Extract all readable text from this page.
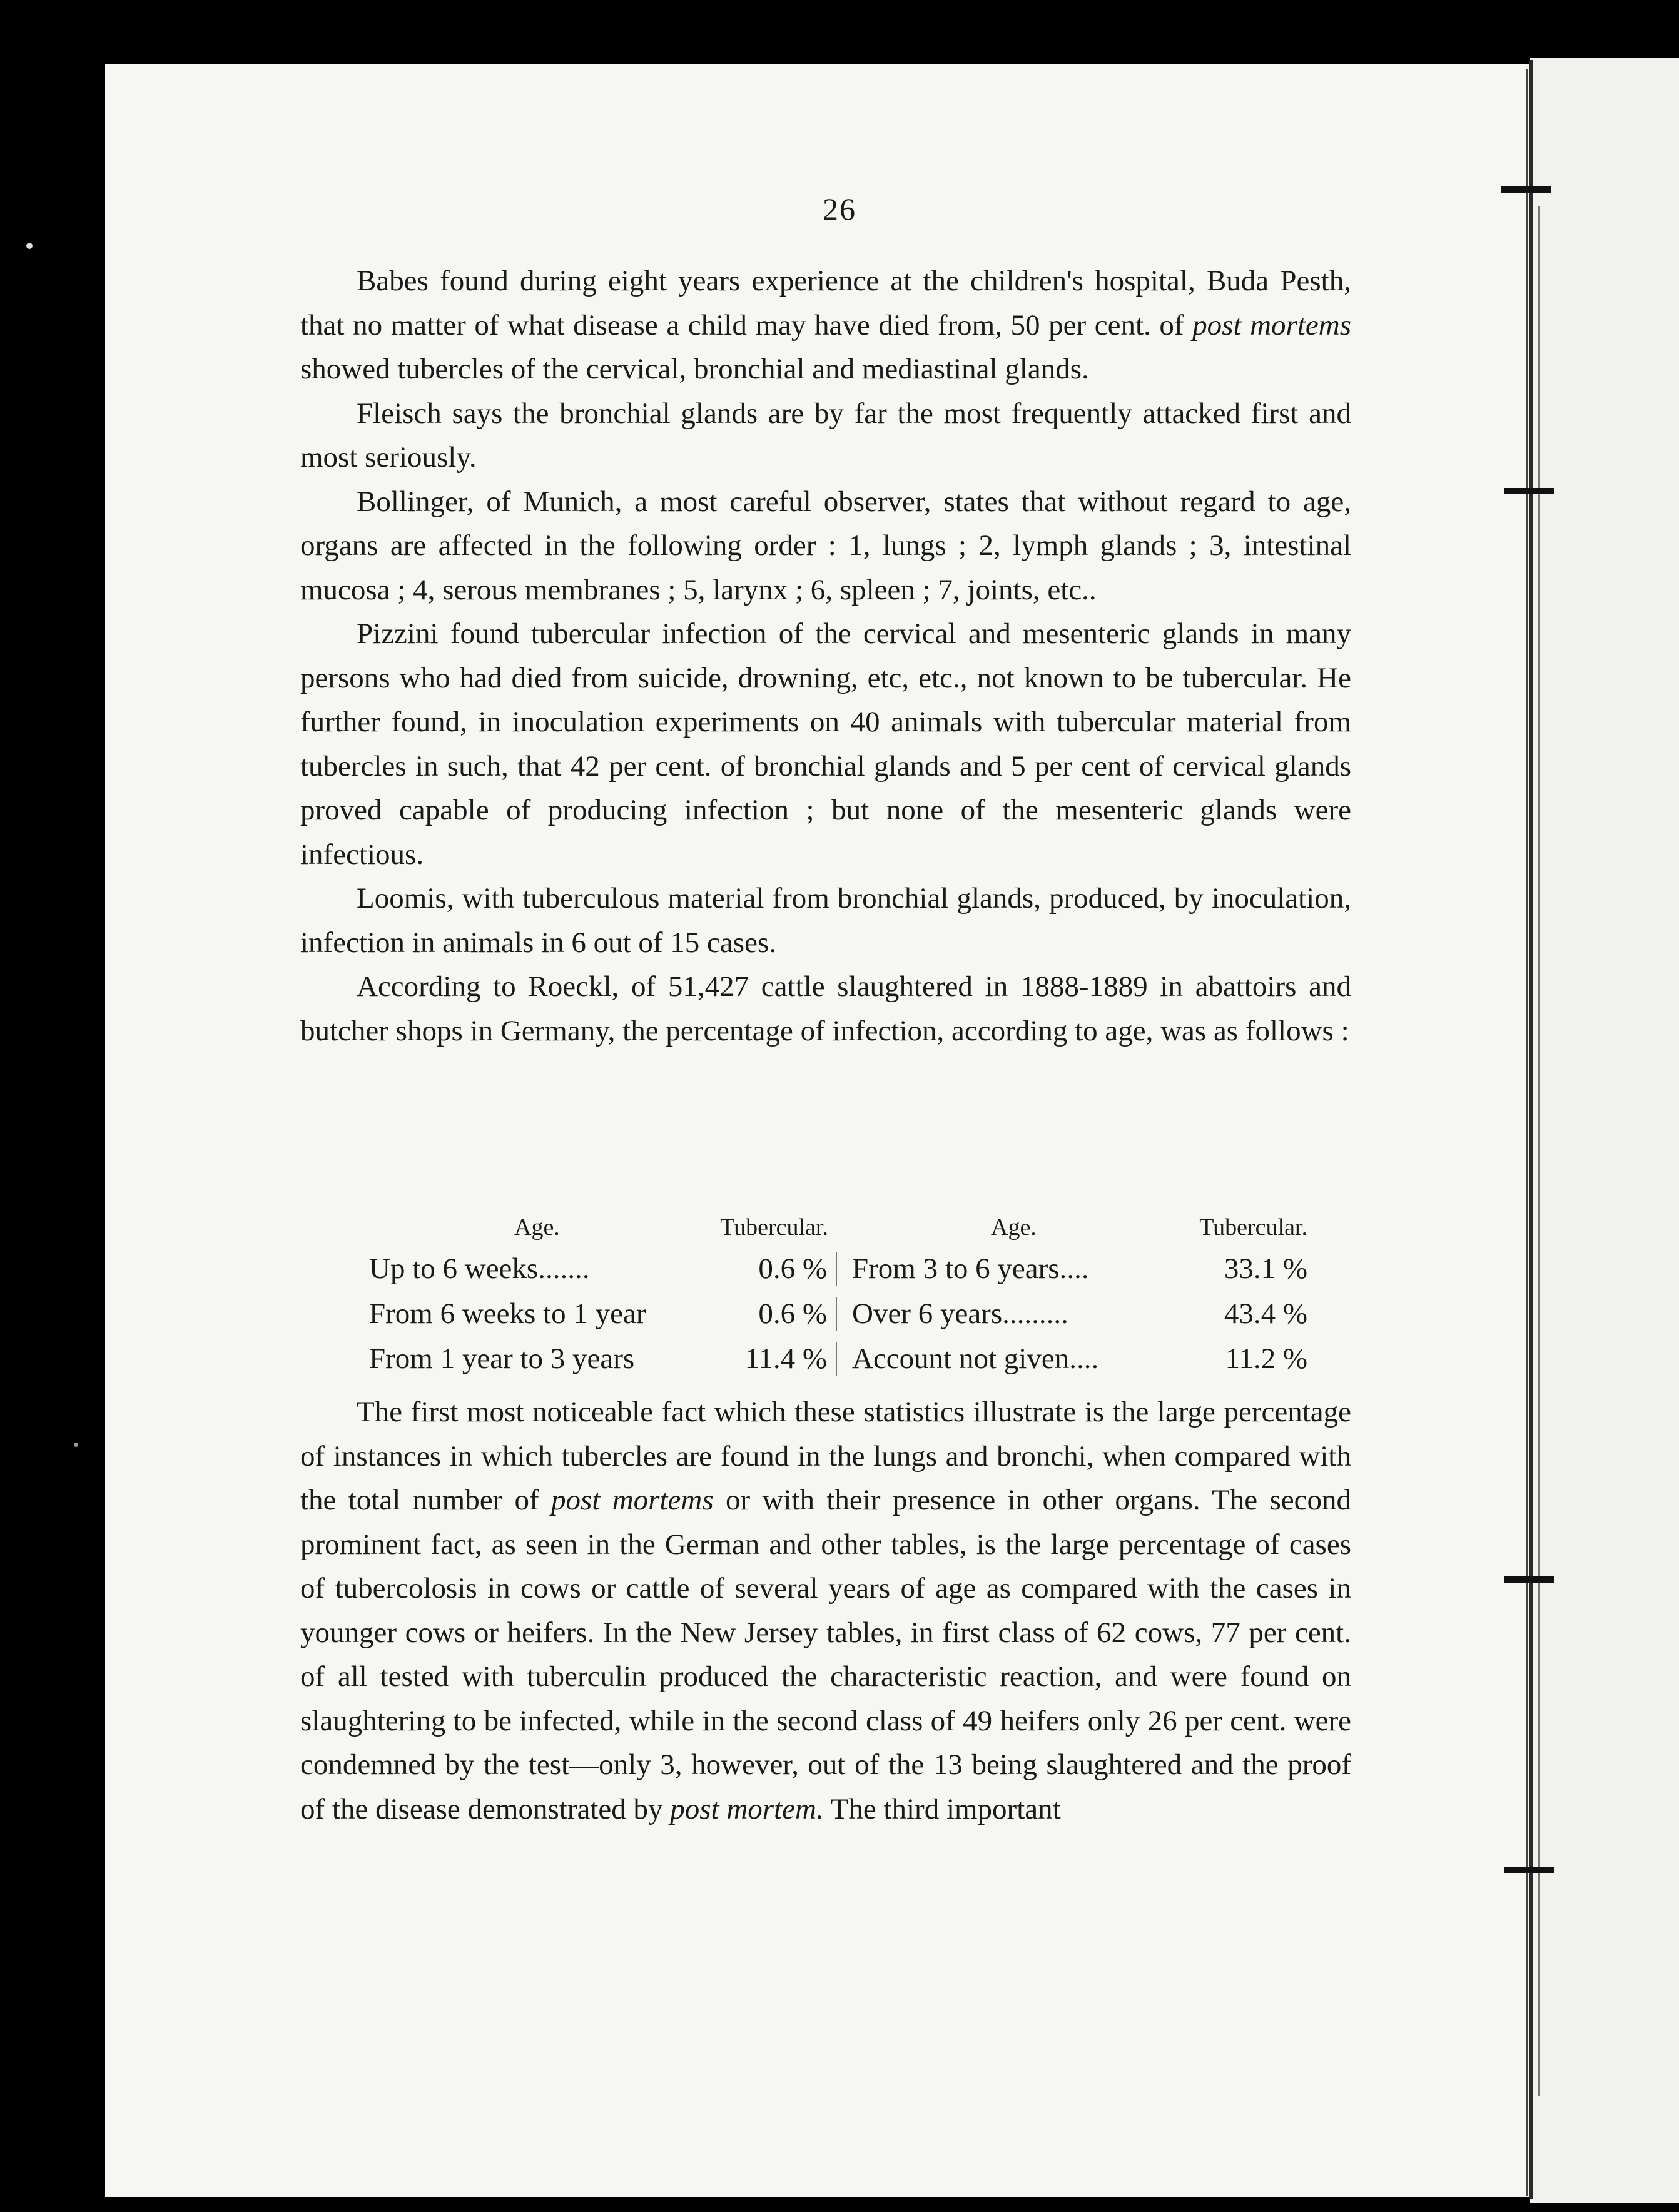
26

Babes found during eight years experience at the children's hospital, Buda Pesth, that no matter of what disease a child may have died from, 50 per cent. of post mortems showed tubercles of the cervical, bronchial and mediastinal glands.

Fleisch says the bronchial glands are by far the most frequently attacked first and most seriously.

Bollinger, of Munich, a most careful observer, states that without regard to age, organs are affected in the following order : 1, lungs ; 2, lymph glands ; 3, intestinal mucosa ; 4, serous membranes ; 5, larynx ; 6, spleen ; 7, joints, etc..

Pizzini found tubercular infection of the cervical and mesenteric glands in many persons who had died from suicide, drowning, etc, etc., not known to be tubercular. He further found, in inoculation experiments on 40 animals with tubercular material from tubercles in such, that 42 per cent. of bronchial glands and 5 per cent of cervical glands proved capable of producing infection ; but none of the mesenteric glands were infectious.

Loomis, with tuberculous material from bronchial glands, produced, by inoculation, infection in animals in 6 out of 15 cases.

According to Roeckl, of 51,427 cattle slaughtered in 1888-1889 in abattoirs and butcher shops in Germany, the percentage of infection, according to age, was as follows :

Age.	Tubercular.	Age.	Tubercular.
Up to 6 weeks.......	0.6 % From 3 to 6 years....	33.1 %
From 6 weeks to 1 year	0.6 % Over 6 years.........	43.4 %
From 1 year to 3 years	11.4 % Account not given....	11.2 %

The first most noticeable fact which these statistics illustrate is the large percentage of instances in which tubercles are found in the lungs and bronchi, when compared with the total number of post mortems or with their presence in other organs. The second prominent fact, as seen in the German and other tables, is the large percentage of cases of tubercolosis in cows or cattle of several years of age as compared with the cases in younger cows or heifers. In the New Jersey tables, in first class of 62 cows, 77 per cent. of all tested with tuberculin produced the characteristic reaction, and were found on slaughtering to be infected, while in the second class of 49 heifers only 26 per cent. were condemned by the test—only 3, however, out of the 13 being slaughtered and the proof of the disease demonstrated by post mortem. The third important
